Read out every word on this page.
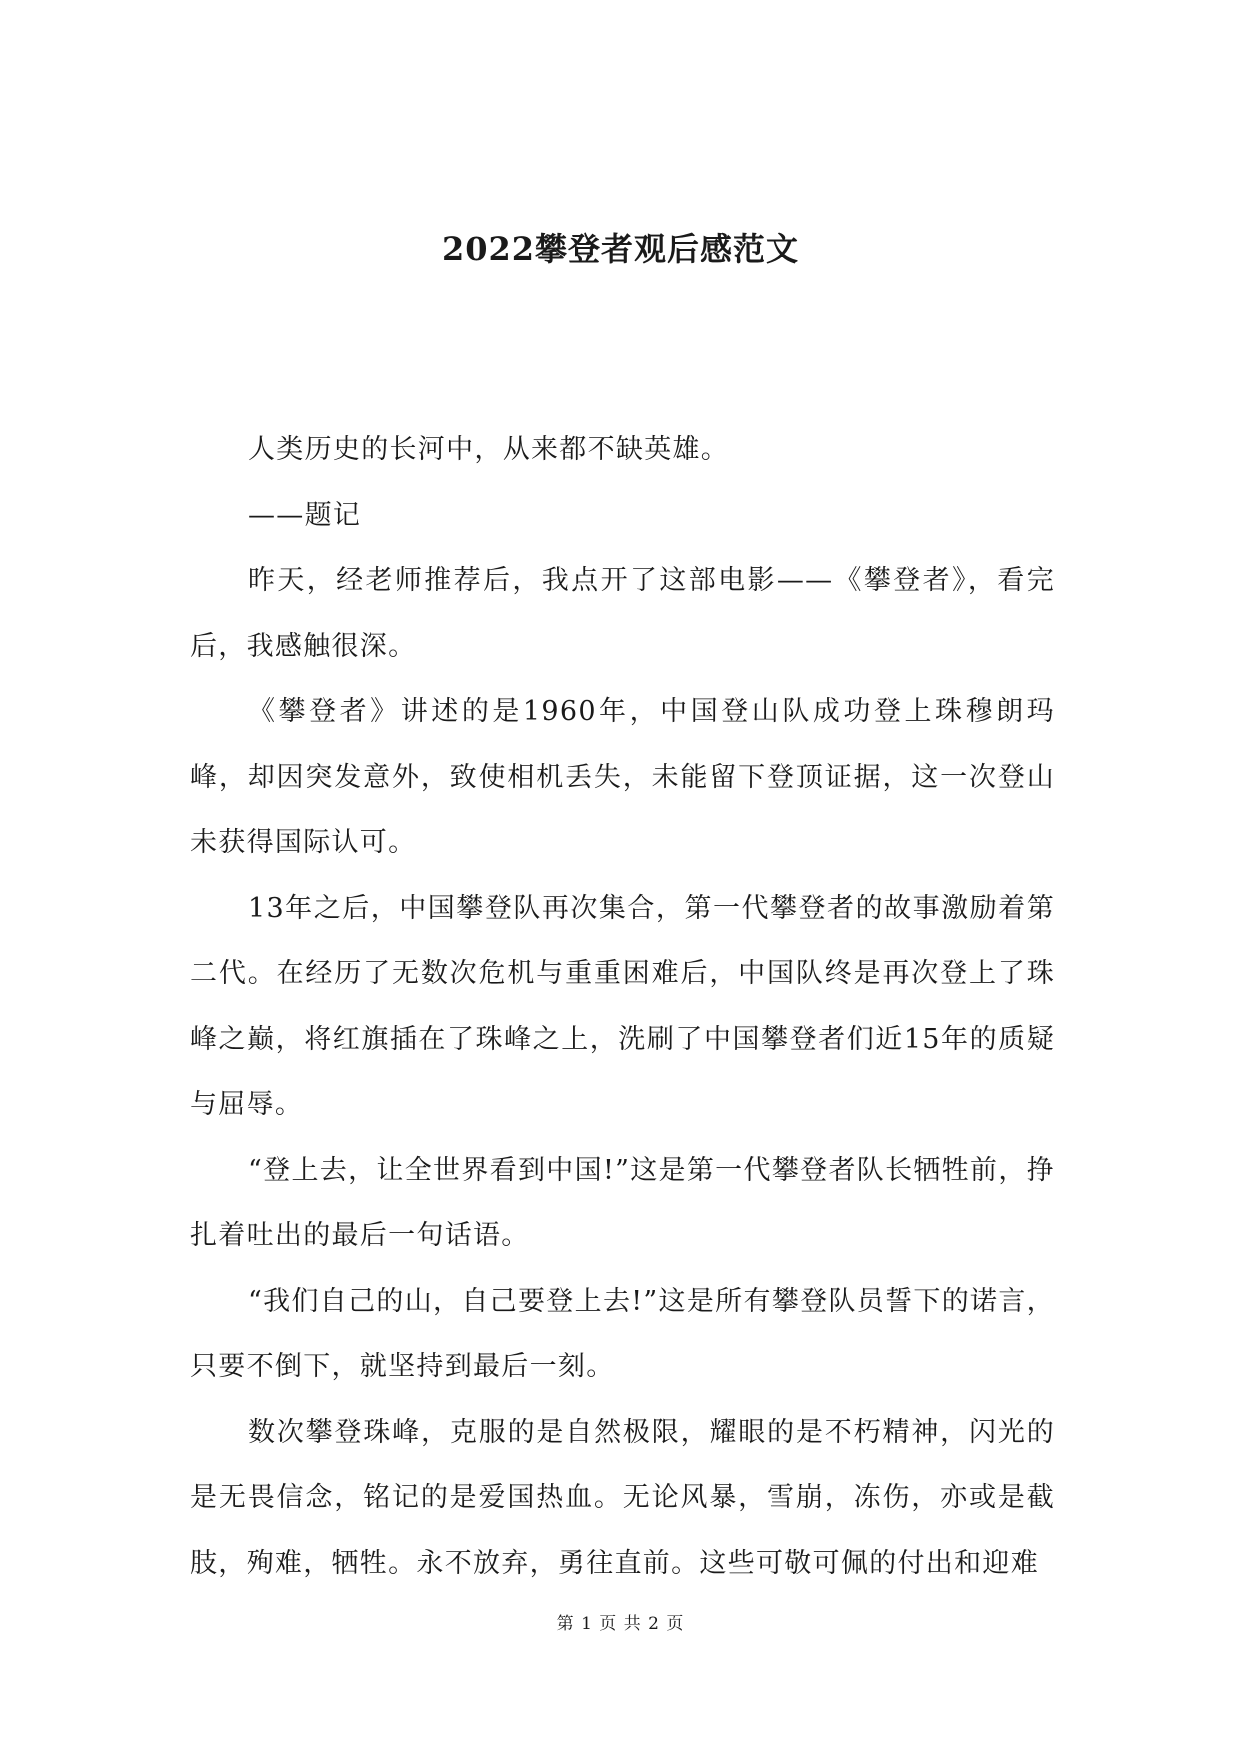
2022攀登者观后感范文

人类历史的长河中，从来都不缺英雄。

——题记

昨天，经老师推荐后，我点开了这部电影——《攀登者》，看完后，我感触很深。

《攀登者》讲述的是1960年，中国登山队成功登上珠穆朗玛峰，却因突发意外，致使相机丢失，未能留下登顶证据，这一次登山未获得国际认可。

13年之后，中国攀登队再次集合，第一代攀登者的故事激励着第二代。在经历了无数次危机与重重困难后，中国队终是再次登上了珠峰之巅，将红旗插在了珠峰之上，洗刷了中国攀登者们近15年的质疑与屈辱。

“登上去，让全世界看到中国!”这是第一代攀登者队长牺牲前，挣扎着吐出的最后一句话语。

“我们自己的山，自己要登上去!”这是所有攀登队员誓下的诺言，只要不倒下，就坚持到最后一刻。

数次攀登珠峰，克服的是自然极限，耀眼的是不朽精神，闪光的是无畏信念，铭记的是爱国热血。无论风暴，雪崩，冻伤，亦或是截肢，殉难，牺牲。永不放弃，勇往直前。这些可敬可佩的付出和迎难

第 1 页 共 2 页
